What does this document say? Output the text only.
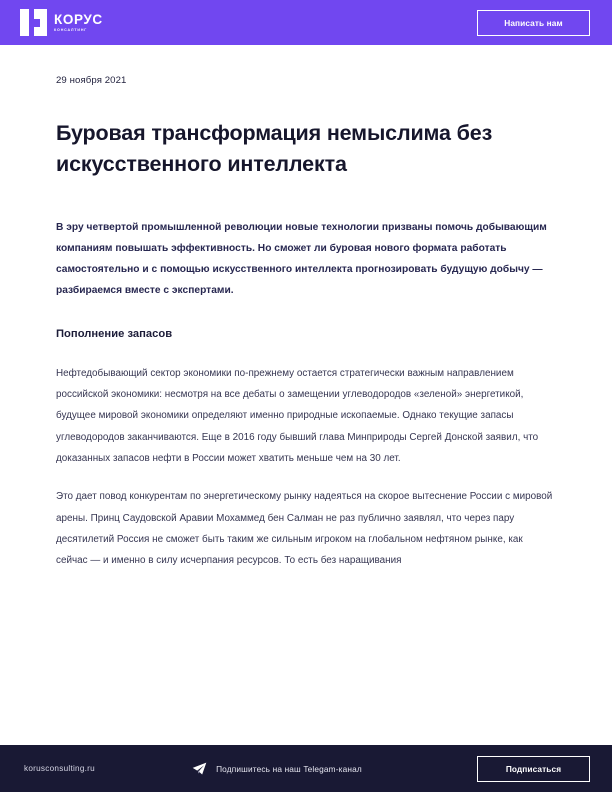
КОРУС
КОНСАЛТИНГ
Написать нам
29 ноября 2021
Буровая трансформация немыслима без искусственного интеллекта

В эру четвертой промышленной революции новые технологии призваны помочь добывающим компаниям повышать эффективность. Но сможет ли буровая нового формата работать самостоятельно и с помощью искусственного интеллекта прогнозировать будущую добычу — разбираемся вместе с экспертами.

Пополнение запасов

Нефтедобывающий сектор экономики по-прежнему остается стратегически важным направлением российской экономики: несмотря на все дебаты о замещении углеводородов «зеленой» энергетикой, будущее мировой экономики определяют именно природные ископаемые. Однако текущие запасы углеводородов заканчиваются. Еще в 2016 году бывший глава Минприроды Сергей Донской заявил, что доказанных запасов нефти в России может хватить меньше чем на 30 лет.

Это дает повод конкурентам по энергетическому рынку надеяться на скорое вытеснение России с мировой арены. Принц Саудовской Аравии Мохаммед бен Салман не раз публично заявлял, что через пару десятилетий Россия не сможет быть таким же сильным игроком на глобальном нефтяном рынке, как сейчас — и именно в силу исчерпания ресурсов. То есть без наращивания

korusconsulting.ru	Подпишитесь на наш Telegam-канал	Подписаться
